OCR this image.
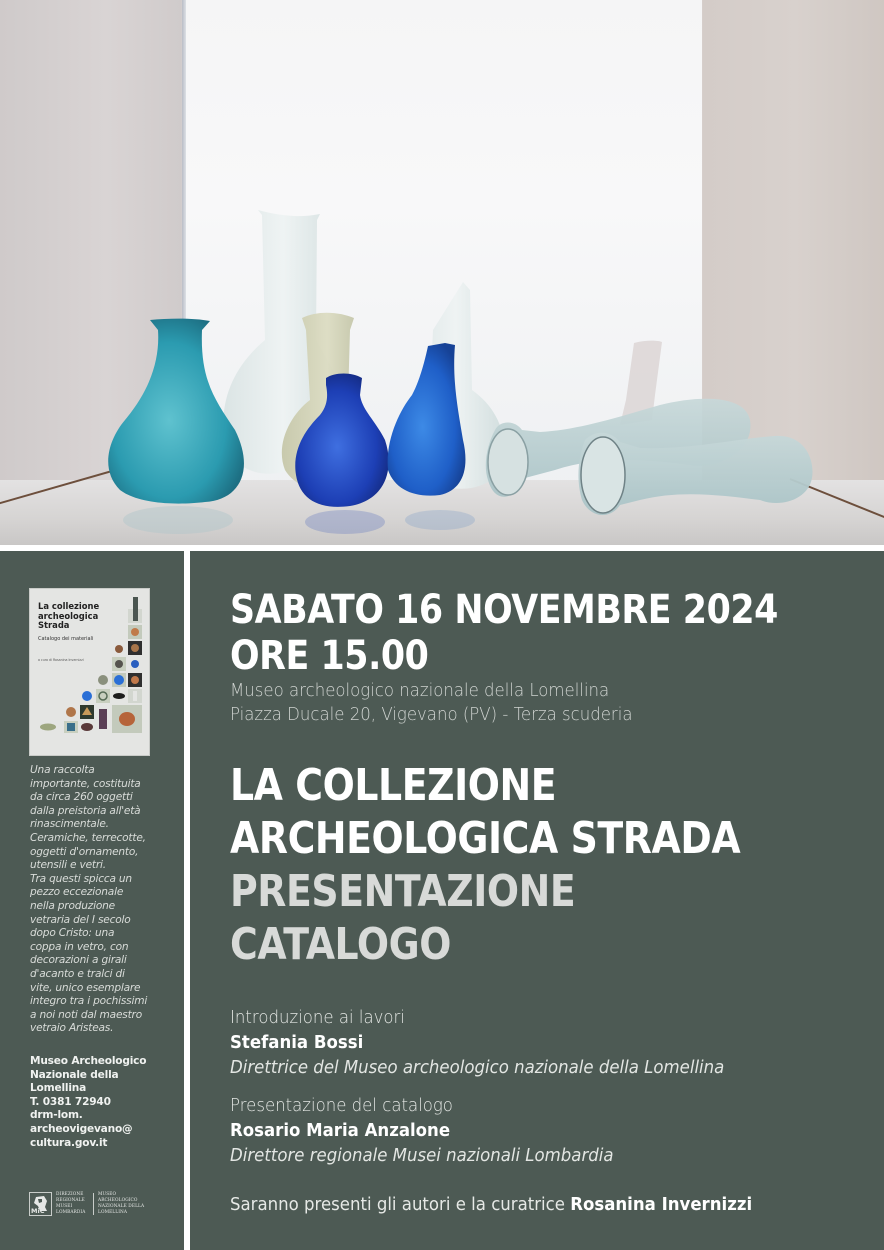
La collezione
archeologica
Strada
Catalogo dei materiali
a cura di Rosanina Invernizzi
Una raccolta
importante, costituita
da circa 260 oggetti
dalla preistoria all'età
rinascimentale.
Ceramiche, terrecotte,
oggetti d'ornamento,
utensili e vetri.
Tra questi spicca un
pezzo eccezionale
nella produzione
vetraria del I secolo
dopo Cristo: una
coppa in vetro, con
decorazioni a girali
d'acanto e tralci di
vite, unico esemplare
integro tra i pochissimi
a noi noti dal maestro
vetraio Aristeas.
Museo Archeologico
Nazionale della
Lomellina
T. 0381 72940
drm-lom.
archeovigevano@
cultura.gov.it
MiC
DIREZIONE
REGIONALE
MUSEI
LOMBARDIA
MUSEO
ARCHEOLOGICO
NAZIONALE DELLA
LOMELLINA
SABATO 16 NOVEMBRE 2024
ORE 15.00
Museo archeologico nazionale della Lomellina
Piazza Ducale 20, Vigevano (PV) - Terza scuderia
LA COLLEZIONE
ARCHEOLOGICA STRADA
PRESENTAZIONE
CATALOGO
Introduzione ai lavori
Stefania Bossi
Direttrice del Museo archeologico nazionale della Lomellina
Presentazione del catalogo
Rosario Maria Anzalone
Direttore regionale Musei nazionali Lombardia
Saranno presenti gli autori e la curatrice Rosanina Invernizzi
